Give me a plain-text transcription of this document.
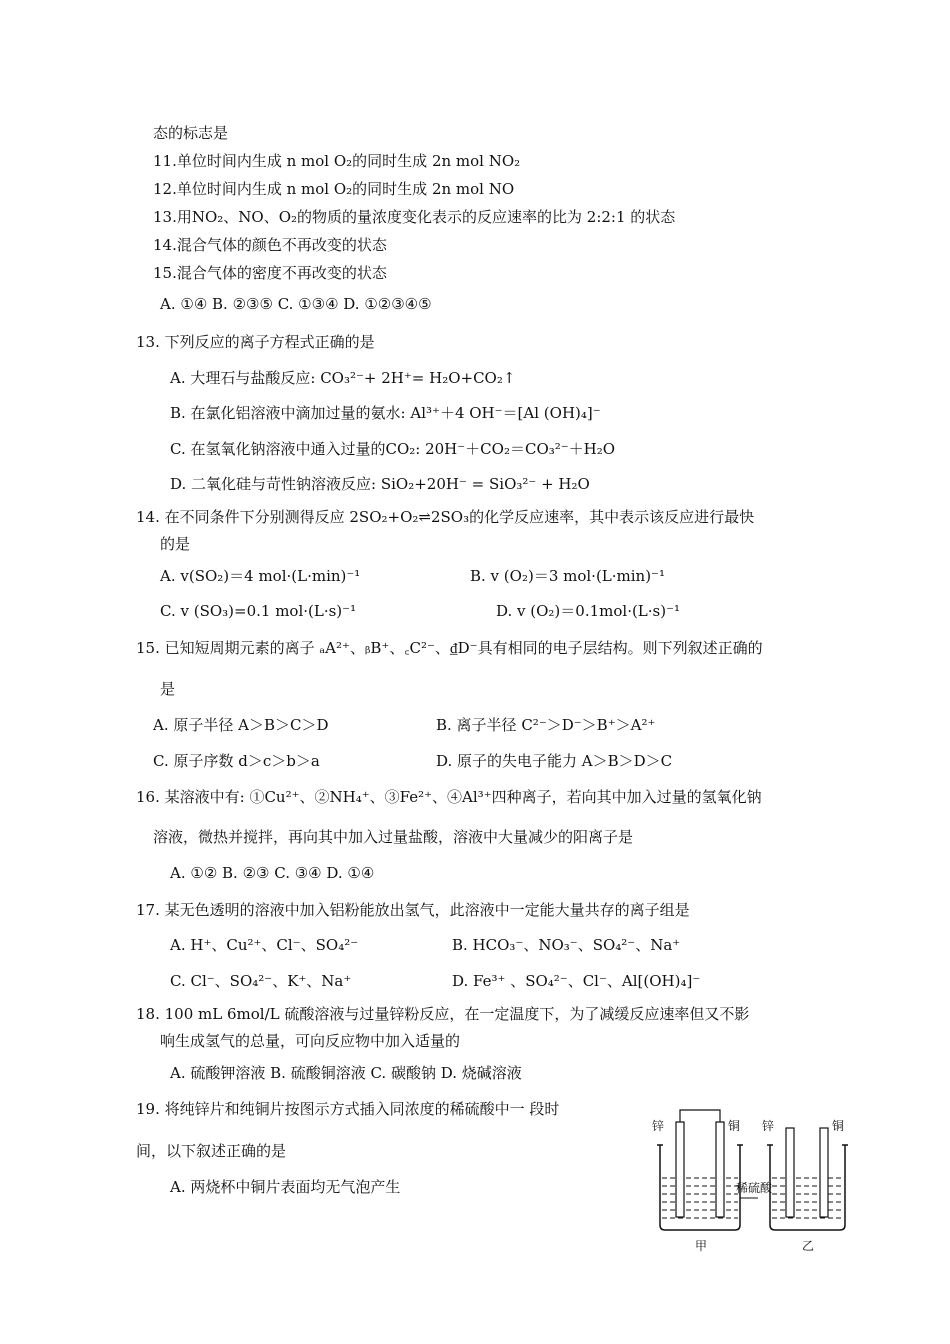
态的标志是
11.单位时间内生成 n mol O₂的同时生成 2n mol NO₂
12.单位时间内生成 n mol O₂的同时生成 2n mol NO
13.用NO₂、NO、O₂的物质的量浓度变化表示的反应速率的比为 2:2:1 的状态
14.混合气体的颜色不再改变的状态
15.混合气体的密度不再改变的状态
A. ①④ B. ②③⑤ C. ①③④ D. ①②③④⑤
13. 下列反应的离子方程式正确的是
A. 大理石与盐酸反应: CO₃²⁻+ 2H⁺= H₂O+CO₂↑
B. 在氯化铝溶液中滴加过量的氨水: Al³⁺＋4 OH⁻＝[Al (OH)₄]⁻
C. 在氢氧化钠溶液中通入过量的CO₂: 20H⁻＋CO₂＝CO₃²⁻＋H₂O
D. 二氧化硅与苛性钠溶液反应: SiO₂+20H⁻ = SiO₃²⁻ + H₂O
14. 在不同条件下分别测得反应 2SO₂+O₂⇌2SO₃的化学反应速率，其中表示该反应进行最快
的是
A. v(SO₂)＝4 mol·(L·min)⁻¹	B. v (O₂)＝3 mol·(L·min)⁻¹
C. v (SO₃)=0.1 mol·(L·s)⁻¹	D. v (O₂)＝0.1mol·(L·s)⁻¹
15. 已知短周期元素的离子 ₐA²⁺、ᵦB⁺、꜀C²⁻、₫D⁻具有相同的电子层结构。则下列叙述正确的
是
A. 原子半径 A＞B＞C＞D	B. 离子半径 C²⁻＞D⁻＞B⁺＞A²⁺
C. 原子序数 d＞c＞b＞a	D. 原子的失电子能力 A＞B＞D＞C
16. 某溶液中有: ①Cu²⁺、②NH₄⁺、③Fe²⁺、④Al³⁺四种离子，若向其中加入过量的氢氧化钠
溶液，微热并搅拌，再向其中加入过量盐酸，溶液中大量减少的阳离子是
A. ①② B. ②③ C. ③④ D. ①④
17. 某无色透明的溶液中加入铝粉能放出氢气，此溶液中一定能大量共存的离子组是
A. H⁺、Cu²⁺、Cl⁻、SO₄²⁻	B. HCO₃⁻、NO₃⁻、SO₄²⁻、Na⁺
C. Cl⁻、SO₄²⁻、K⁺、Na⁺	D. Fe³⁺ 、SO₄²⁻、Cl⁻、Al[(OH)₄]⁻
18. 100 mL 6mol/L 硫酸溶液与过量锌粉反应，在一定温度下，为了减缓反应速率但又不影
响生成氢气的总量，可向反应物中加入适量的
A. 硫酸钾溶液 B. 硫酸铜溶液 C. 碳酸钠 D. 烧碱溶液
19. 将纯锌片和纯铜片按图示方式插入同浓度的稀硫酸中一 段时
间，以下叙述正确的是
A. 两烧杯中铜片表面均无气泡产生
锌	铜 锌	铜
稀硫酸
甲	乙
